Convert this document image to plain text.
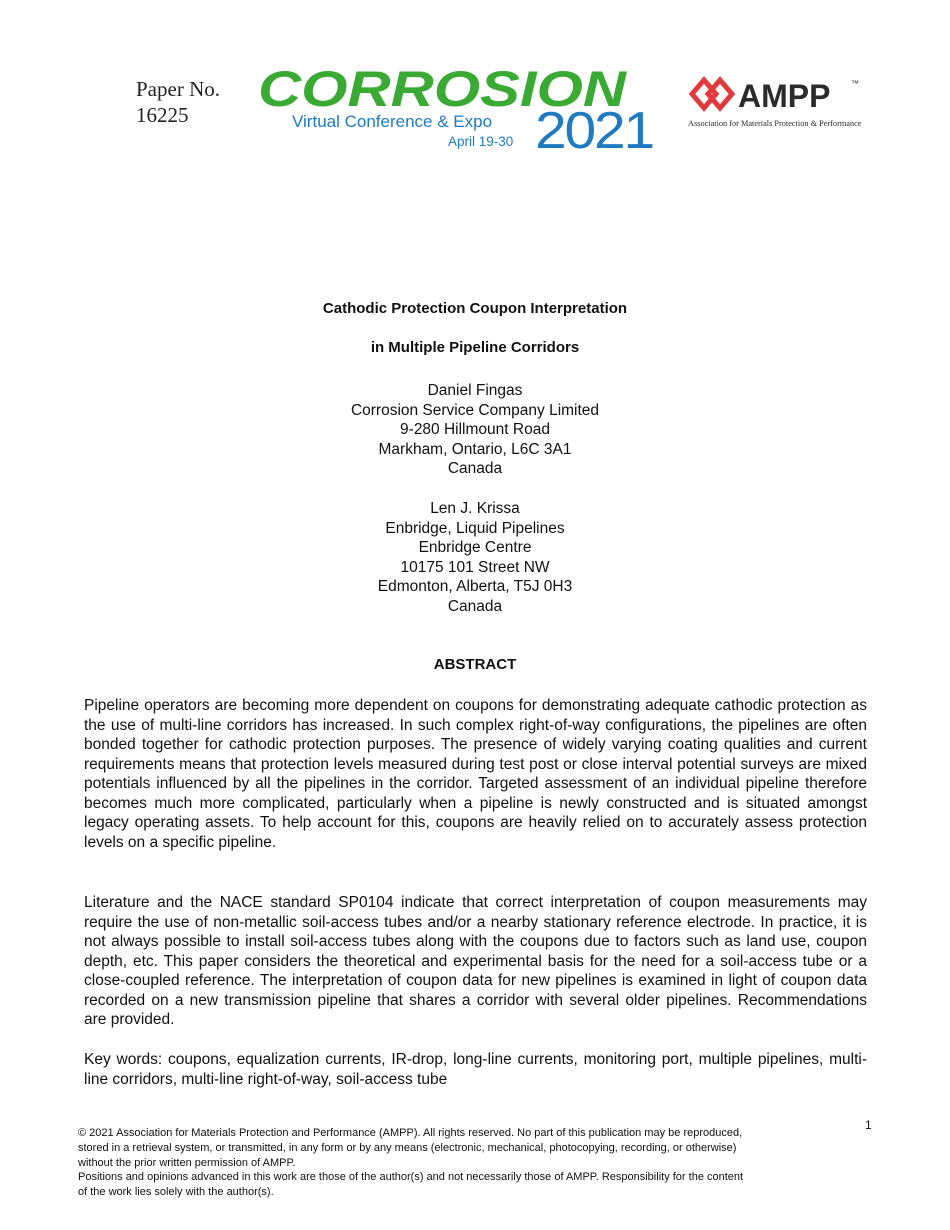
Paper No.
16225	CORROSION
Virtual Conference & Expo
April 19-30 2021
AMPP	™
Association for Materials Protection & Performance
Cathodic Protection Coupon Interpretation
in Multiple Pipeline Corridors
Daniel Fingas
Corrosion Service Company Limited
9-280 Hillmount Road
Markham, Ontario, L6C 3A1
Canada
Len J. Krissa
Enbridge, Liquid Pipelines
Enbridge Centre
10175 101 Street NW
Edmonton, Alberta, T5J 0H3
Canada
ABSTRACT

Pipeline operators are becoming more dependent on coupons for demonstrating adequate cathodic protection as the use of multi-line corridors has increased. In such complex right-of-way configurations, the pipelines are often bonded together for cathodic protection purposes. The presence of widely varying coating qualities and current requirements means that protection levels measured during test post or close interval potential surveys are mixed potentials influenced by all the pipelines in the corridor. Targeted assessment of an individual pipeline therefore becomes much more complicated, particularly when a pipeline is newly constructed and is situated amongst legacy operating assets. To help account for this, coupons are heavily relied on to accurately assess protection levels on a specific pipeline.

Literature and the NACE standard SP0104 indicate that correct interpretation of coupon measurements may require the use of non-metallic soil-access tubes and/or a nearby stationary reference electrode. In practice, it is not always possible to install soil-access tubes along with the coupons due to factors such as land use, coupon depth, etc. This paper considers the theoretical and experimental basis for the need for a soil-access tube or a close-coupled reference. The interpretation of coupon data for new pipelines is examined in light of coupon data recorded on a new transmission pipeline that shares a corridor with several older pipelines. Recommendations are provided.

Key words: coupons, equalization currents, IR-drop, long-line currents, monitoring port, multiple pipelines, multi-line corridors, multi-line right-of-way, soil-access tube

1
© 2021 Association for Materials Protection and Performance (AMPP). All rights reserved. No part of this publication may be reproduced,
stored in a retrieval system, or transmitted, in any form or by any means (electronic, mechanical, photocopying, recording, or otherwise)
without the prior written permission of AMPP.
Positions and opinions advanced in this work are those of the author(s) and not necessarily those of AMPP. Responsibility for the content
of the work lies solely with the author(s).
